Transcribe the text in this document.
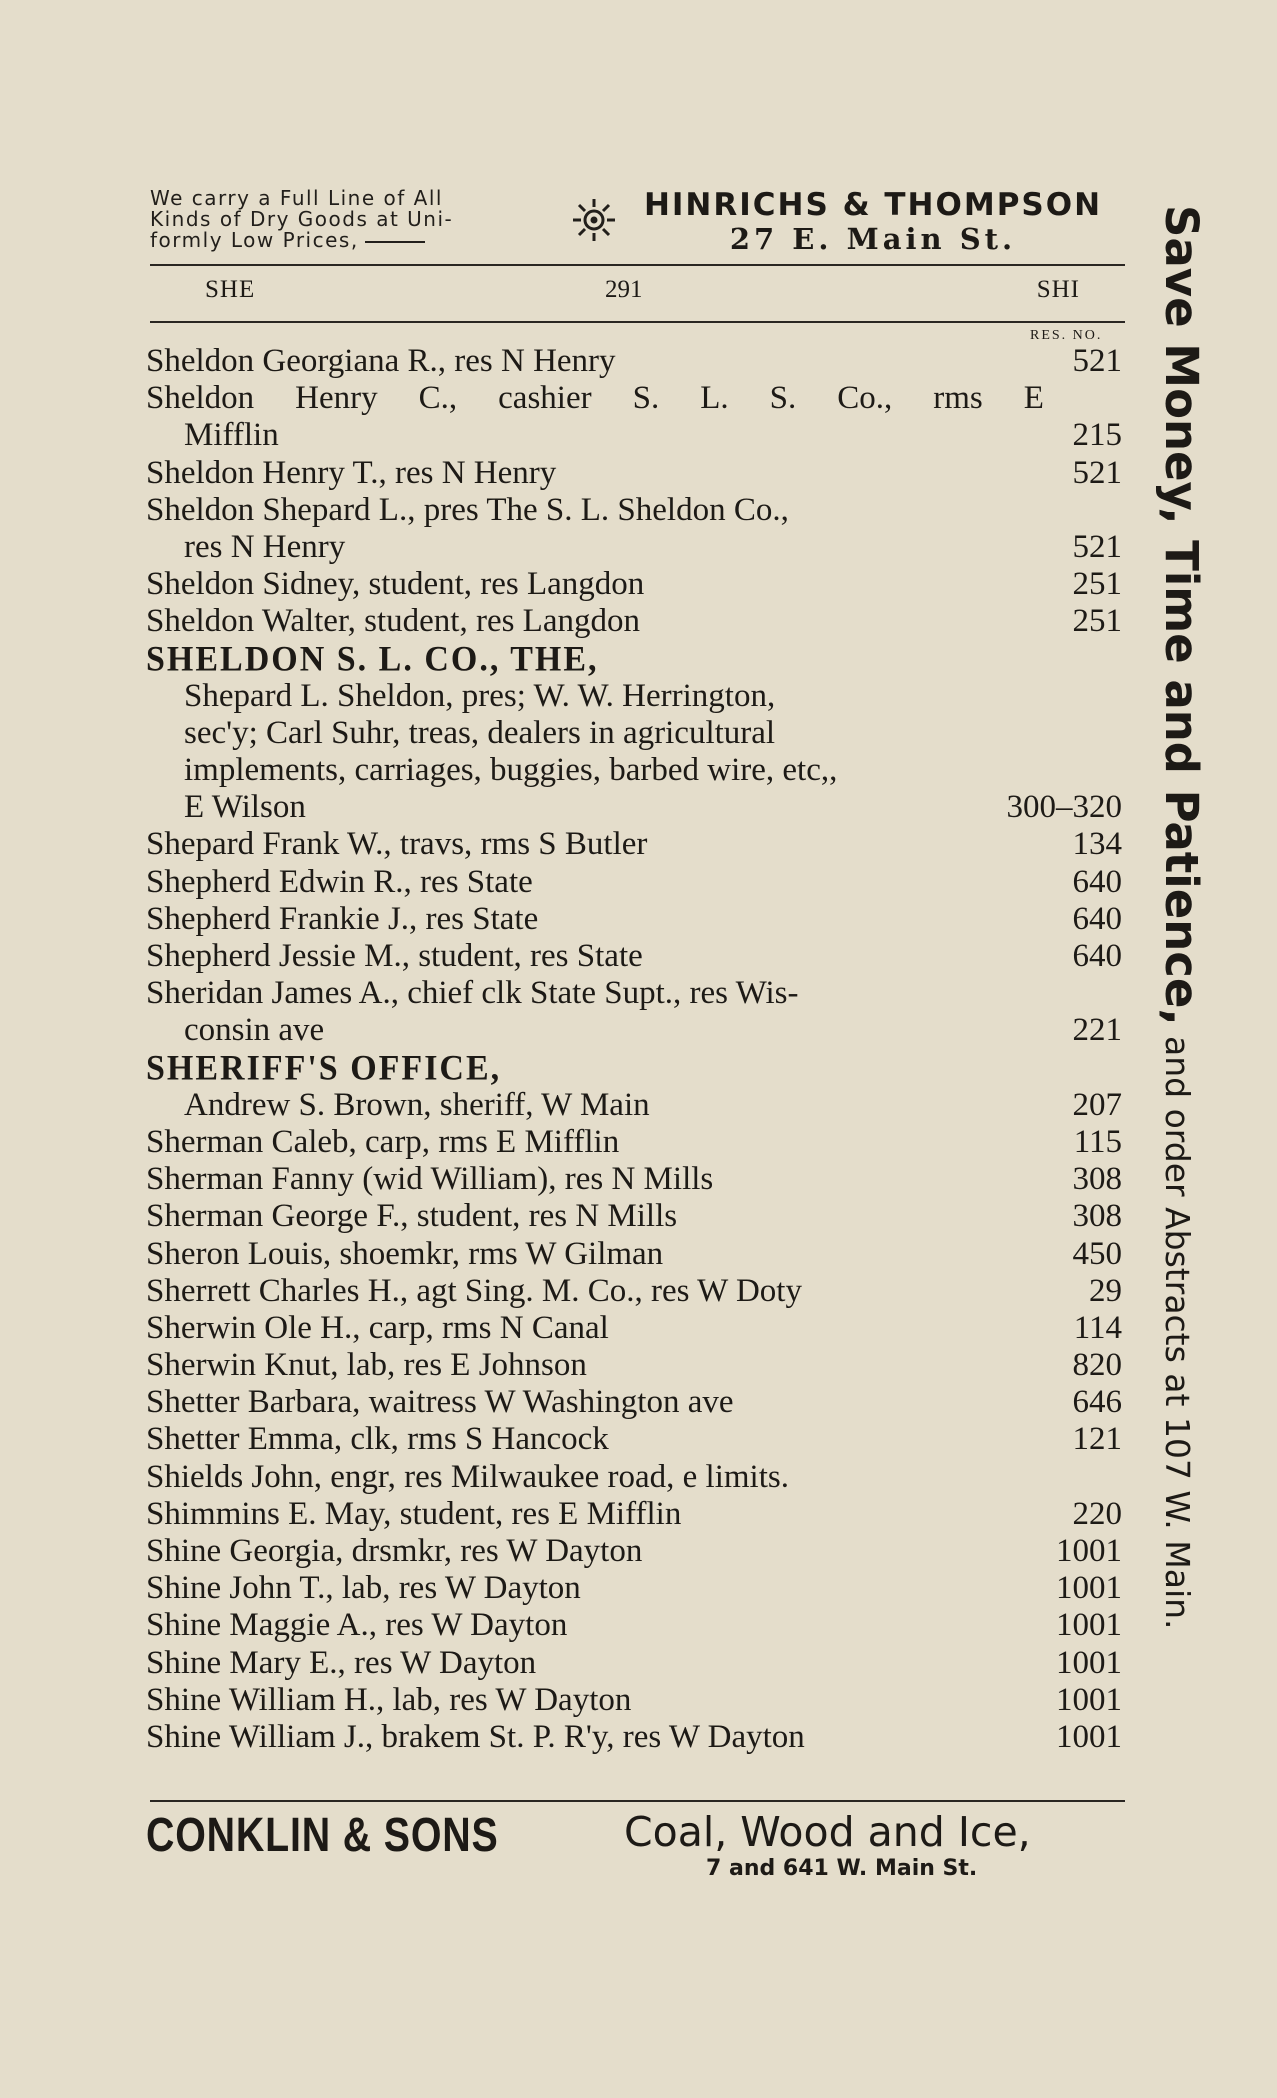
We carry a Full Line of All
Kinds of Dry Goods at Uni-
formly Low Prices,
HINRICHS & THOMPSON
27 E. Main St.
SHE	291	SHI
RES. NO.
Sheldon Georgiana R., res N Henry	521
Sheldon Henry C., cashier S. L. S. Co., rms E
Mifflin	215
Sheldon Henry T., res N Henry	521
Sheldon Shepard L., pres The S. L. Sheldon Co.,
res N Henry	521
Sheldon Sidney, student, res Langdon	251
Sheldon Walter, student, res Langdon	251
SHELDON S. L. CO., THE,
Shepard L. Sheldon, pres; W. W. Herrington,
sec'y; Carl Suhr, treas, dealers in agricultural
implements, carriages, buggies, barbed wire, etc,,
E Wilson	300–320
Shepard Frank W., travs, rms S Butler	134
Shepherd Edwin R., res State	640
Shepherd Frankie J., res State	640
Shepherd Jessie M., student, res State	640
Sheridan James A., chief clk State Supt., res Wis-
consin ave	221
SHERIFF'S OFFICE,
Andrew S. Brown, sheriff, W Main	207
Sherman Caleb, carp, rms E Mifflin	115
Sherman Fanny (wid William), res N Mills	308
Sherman George F., student, res N Mills	308
Sheron Louis, shoemkr, rms W Gilman	450
Sherrett Charles H., agt Sing. M. Co., res W Doty	29
Sherwin Ole H., carp, rms N Canal	114
Sherwin Knut, lab, res E Johnson	820
Shetter Barbara, waitress W Washington ave	646
Shetter Emma, clk, rms S Hancock	121
Shields John, engr, res Milwaukee road, e limits.
Shimmins E. May, student, res E Mifflin	220
Shine Georgia, drsmkr, res W Dayton	1001
Shine John T., lab, res W Dayton	1001
Shine Maggie A., res W Dayton	1001
Shine Mary E., res W Dayton	1001
Shine William H., lab, res W Dayton	1001
Shine William J., brakem St. P. R'y, res W Dayton	1001
CONKLIN & SONS	Coal, Wood and Ice,
7 and 641 W. Main St.
Save Money, Time and Patience, and order Abstracts at 107 W. Main.
